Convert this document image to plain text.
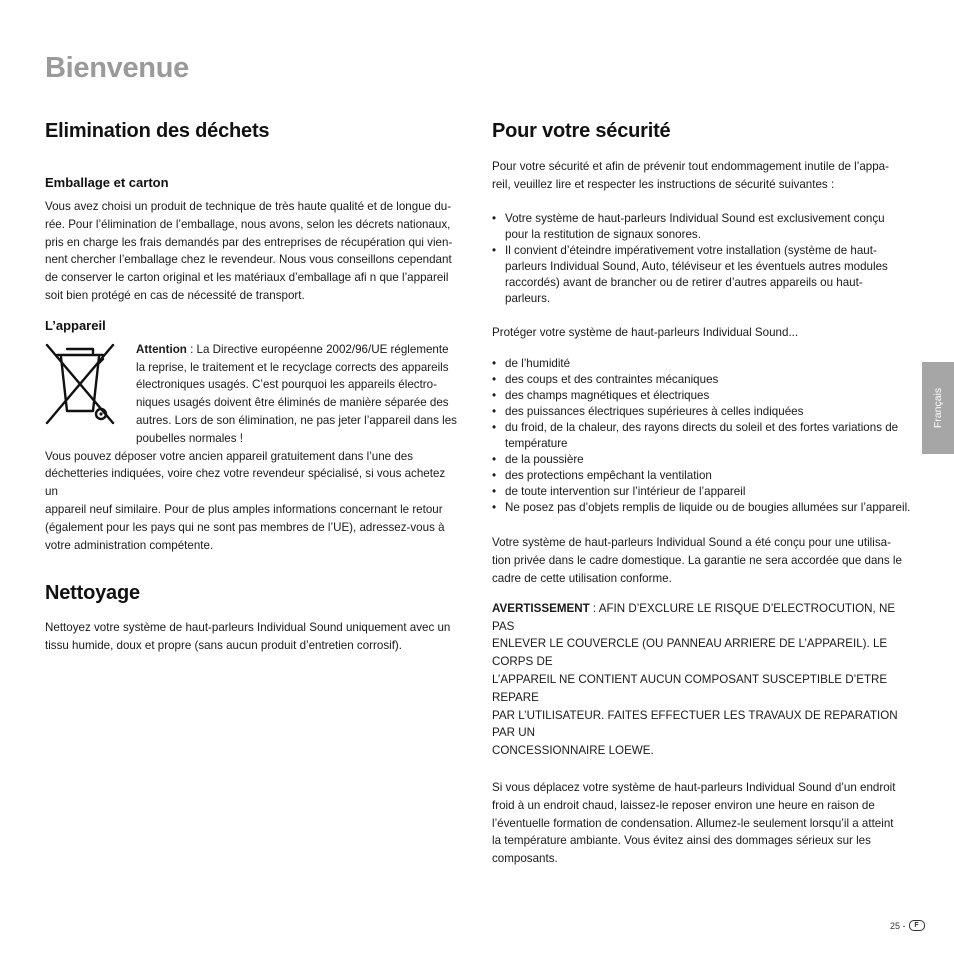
Bienvenue
Elimination des déchets
Emballage et carton

Vous avez choisi un produit de technique de très haute qualité et de longue du-
rée. Pour l’élimination de l’emballage, nous avons, selon les décrets nationaux,
pris en charge les frais demandés par des entreprises de récupération qui vien-
nent chercher l’emballage chez le revendeur. Nous vous conseillons cependant
de conserver le carton original et les matériaux d’emballage afi n que l’appareil
soit bien protégé en cas de nécessité de transport.

L’appareil

Attention : La Directive européenne 2002/96/UE réglemente
la reprise, le traitement et le recyclage corrects des appareils
électroniques usagés. C’est pourquoi les appareils électro-
niques usagés doivent être éliminés de manière séparée des
autres. Lors de son élimination, ne pas jeter l’appareil dans les
poubelles normales !

Vous pouvez déposer votre ancien appareil gratuitement dans l’une des
déchetteries indiquées, voire chez votre revendeur spécialisé, si vous achetez un
appareil neuf similaire. Pour de plus amples informations concernant le retour
(également pour les pays qui ne sont pas membres de l’UE), adressez-vous à
votre administration compétente.

Nettoyage

Nettoyez votre système de haut-parleurs Individual Sound uniquement avec un
tissu humide, doux et propre (sans aucun produit d’entretien corrosif).

Pour votre sécurité

Pour votre sécurité et afin de prévenir tout endommagement inutile de l’appa-
reil, veuillez lire et respecter les instructions de sécurité suivantes :

• Votre système de haut-parleurs Individual Sound est exclusivement conçu
pour la restitution de signaux sonores.
• Il convient d’éteindre impérativement votre installation (système de haut-
parleurs Individual Sound, Auto, téléviseur et les éventuels autres modules
raccordés) avant de brancher ou de retirer d’autres appareils ou haut-
parleurs.

Protéger votre système de haut-parleurs Individual Sound...

• de l’humidité
• des coups et des contraintes mécaniques
• des champs magnétiques et électriques
• des puissances électriques supérieures à celles indiquées
• du froid, de la chaleur, des rayons directs du soleil et des fortes variations de
température
• de la poussière
• des protections empêchant la ventilation
• de toute intervention sur l’intérieur de l’appareil
• Ne posez pas d’objets remplis de liquide ou de bougies allumées sur l’appareil.

Votre système de haut-parleurs Individual Sound a été conçu pour une utilisa-
tion privée dans le cadre domestique. La garantie ne sera accordée que dans le
cadre de cette utilisation conforme.

AVERTISSEMENT : AFIN D’EXCLURE LE RISQUE D’ELECTROCUTION, NE PAS
ENLEVER LE COUVERCLE (OU PANNEAU ARRIERE DE L’APPAREIL). LE CORPS DE
L’APPAREIL NE CONTIENT AUCUN COMPOSANT SUSCEPTIBLE D’ETRE REPARE
PAR L’UTILISATEUR. FAITES EFFECTUER LES TRAVAUX DE REPARATION PAR UN
CONCESSIONNAIRE LOEWE.

Si vous déplacez votre système de haut-parleurs Individual Sound d’un endroit
froid à un endroit chaud, laissez-le reposer environ une heure en raison de
l’éventuelle formation de condensation. Allumez-le seulement lorsqu’il a atteint
la température ambiante. Vous évitez ainsi des dommages sérieux sur les
composants.

Français
25 -	F
